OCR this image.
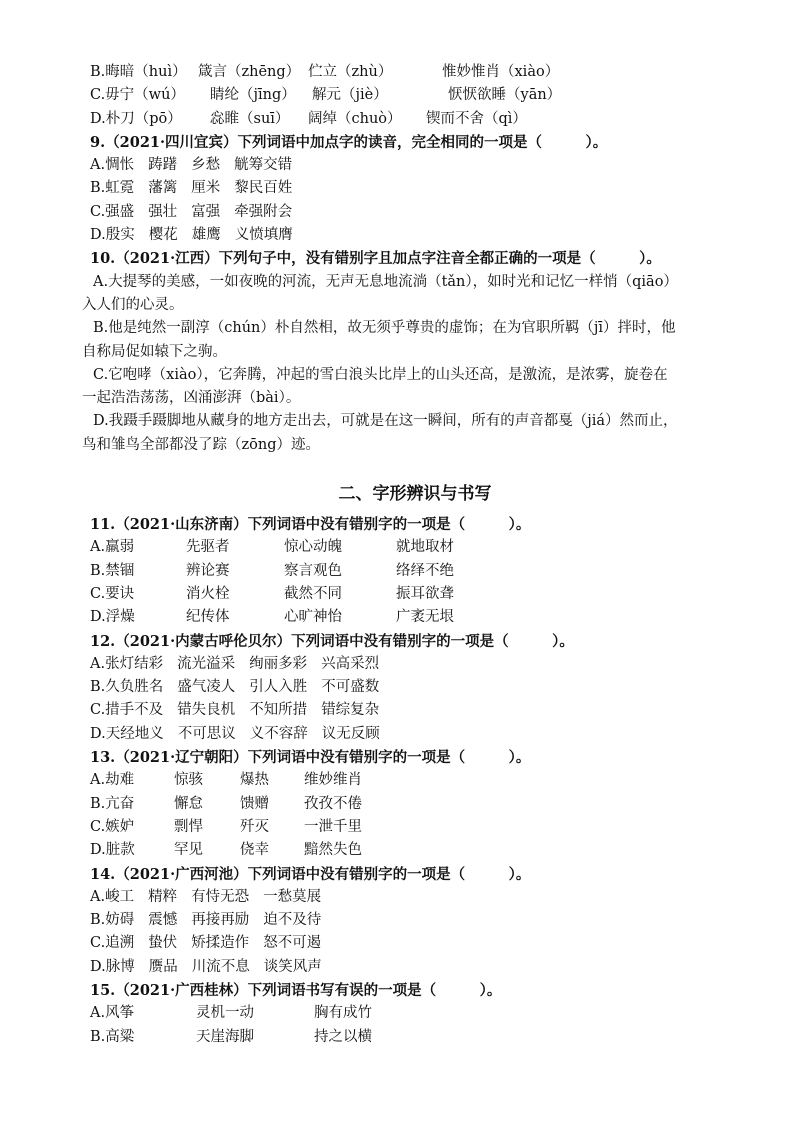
B.晦暗（huì） 箴言（zhēng） 伫立（zhù）	惟妙惟肖（xiào）
C.毋宁（wú）	睛纶（jīng）	解元（jiè）	恹恹欲睡（yān）
D.朴刀（pō）	惢睢（suī）	阔绰（chuò）	锲而不舍（qì）
9.（2021·四川宜宾）下列词语中加点字的读音，完全相同的一项是（　　　）。
A.惆怅 踌躇 乡愁 觥筹交错
B.虹霓 藩篱 厘米 黎民百姓
C.强盛 强壮 富强 牵强附会
D.殷实 樱花 雄鹰 义愤填膺
10.（2021·江西）下列句子中，没有错别字且加点字注音全都正确的一项是（　　　）。
A.大提琴的美感，一如夜晚的河流，无声无息地流淌（tǎn），如时光和记忆一样悄（qiāo）
入人们的心灵。
B.他是纯然一副淳（chún）朴自然相，故无须乎尊贵的虚饰；在为官职所羁（jī）拌时，他
自称局促如辕下之驹。
C.它咆哮（xiào），它奔腾，冲起的雪白浪头比岸上的山头还高，是激流，是浓雾，旋卷在
一起浩浩荡荡，凶涌澎湃（bài）。
D.我蹑手蹑脚地从藏身的地方走出去，可就是在这一瞬间，所有的声音都戛（jiá）然而止，
鸟和雏鸟全部都没了踪（zōng）迹。
二、字形辨识与书写
11.（2021·山东济南）下列词语中没有错别字的一项是（　　　）。
A.羸弱	先驱者	惊心动魄	就地取材
B.禁锢	辨论赛	察言观色	络绎不绝
C.要诀	消火栓	截然不同	振耳欲聋
D.浮燥	纪传体	心旷神怡	广袤无垠
12.（2021·内蒙古呼伦贝尔）下列词语中没有错别字的一项是（　　　）。
A.张灯结彩 流光溢采 绚丽多彩 兴高采烈
B.久负胜名 盛气凌人 引人入胜 不可盛数
C.措手不及 错失良机 不知所措 错综复杂
D.天经地义 不可思议 义不容辞 议无反顾
13.（2021·辽宁朝阳）下列词语中没有错别字的一项是（　　　）。
A.劫难	惊骇	爆热	维妙维肖
B.亢奋	懈怠	馈赠	孜孜不倦
C.嫉妒	剽悍	歼灭	一泄千里
D.脏款	罕见	侥幸	黯然失色
14.（2021·广西河池）下列词语中没有错别字的一项是（　　　）。
A.峻工 精粹 有恃无恐 一愁莫展
B.妨碍 震憾 再接再励 迫不及待
C.追溯 蛰伏 矫揉造作 怒不可遏
D.脉博 赝品 川流不息 谈笑风声
15.（2021·广西桂林）下列词语书写有误的一项是（　　　）。
A.风筝	灵机一动	胸有成竹
B.高粱	天崖海脚	持之以横
